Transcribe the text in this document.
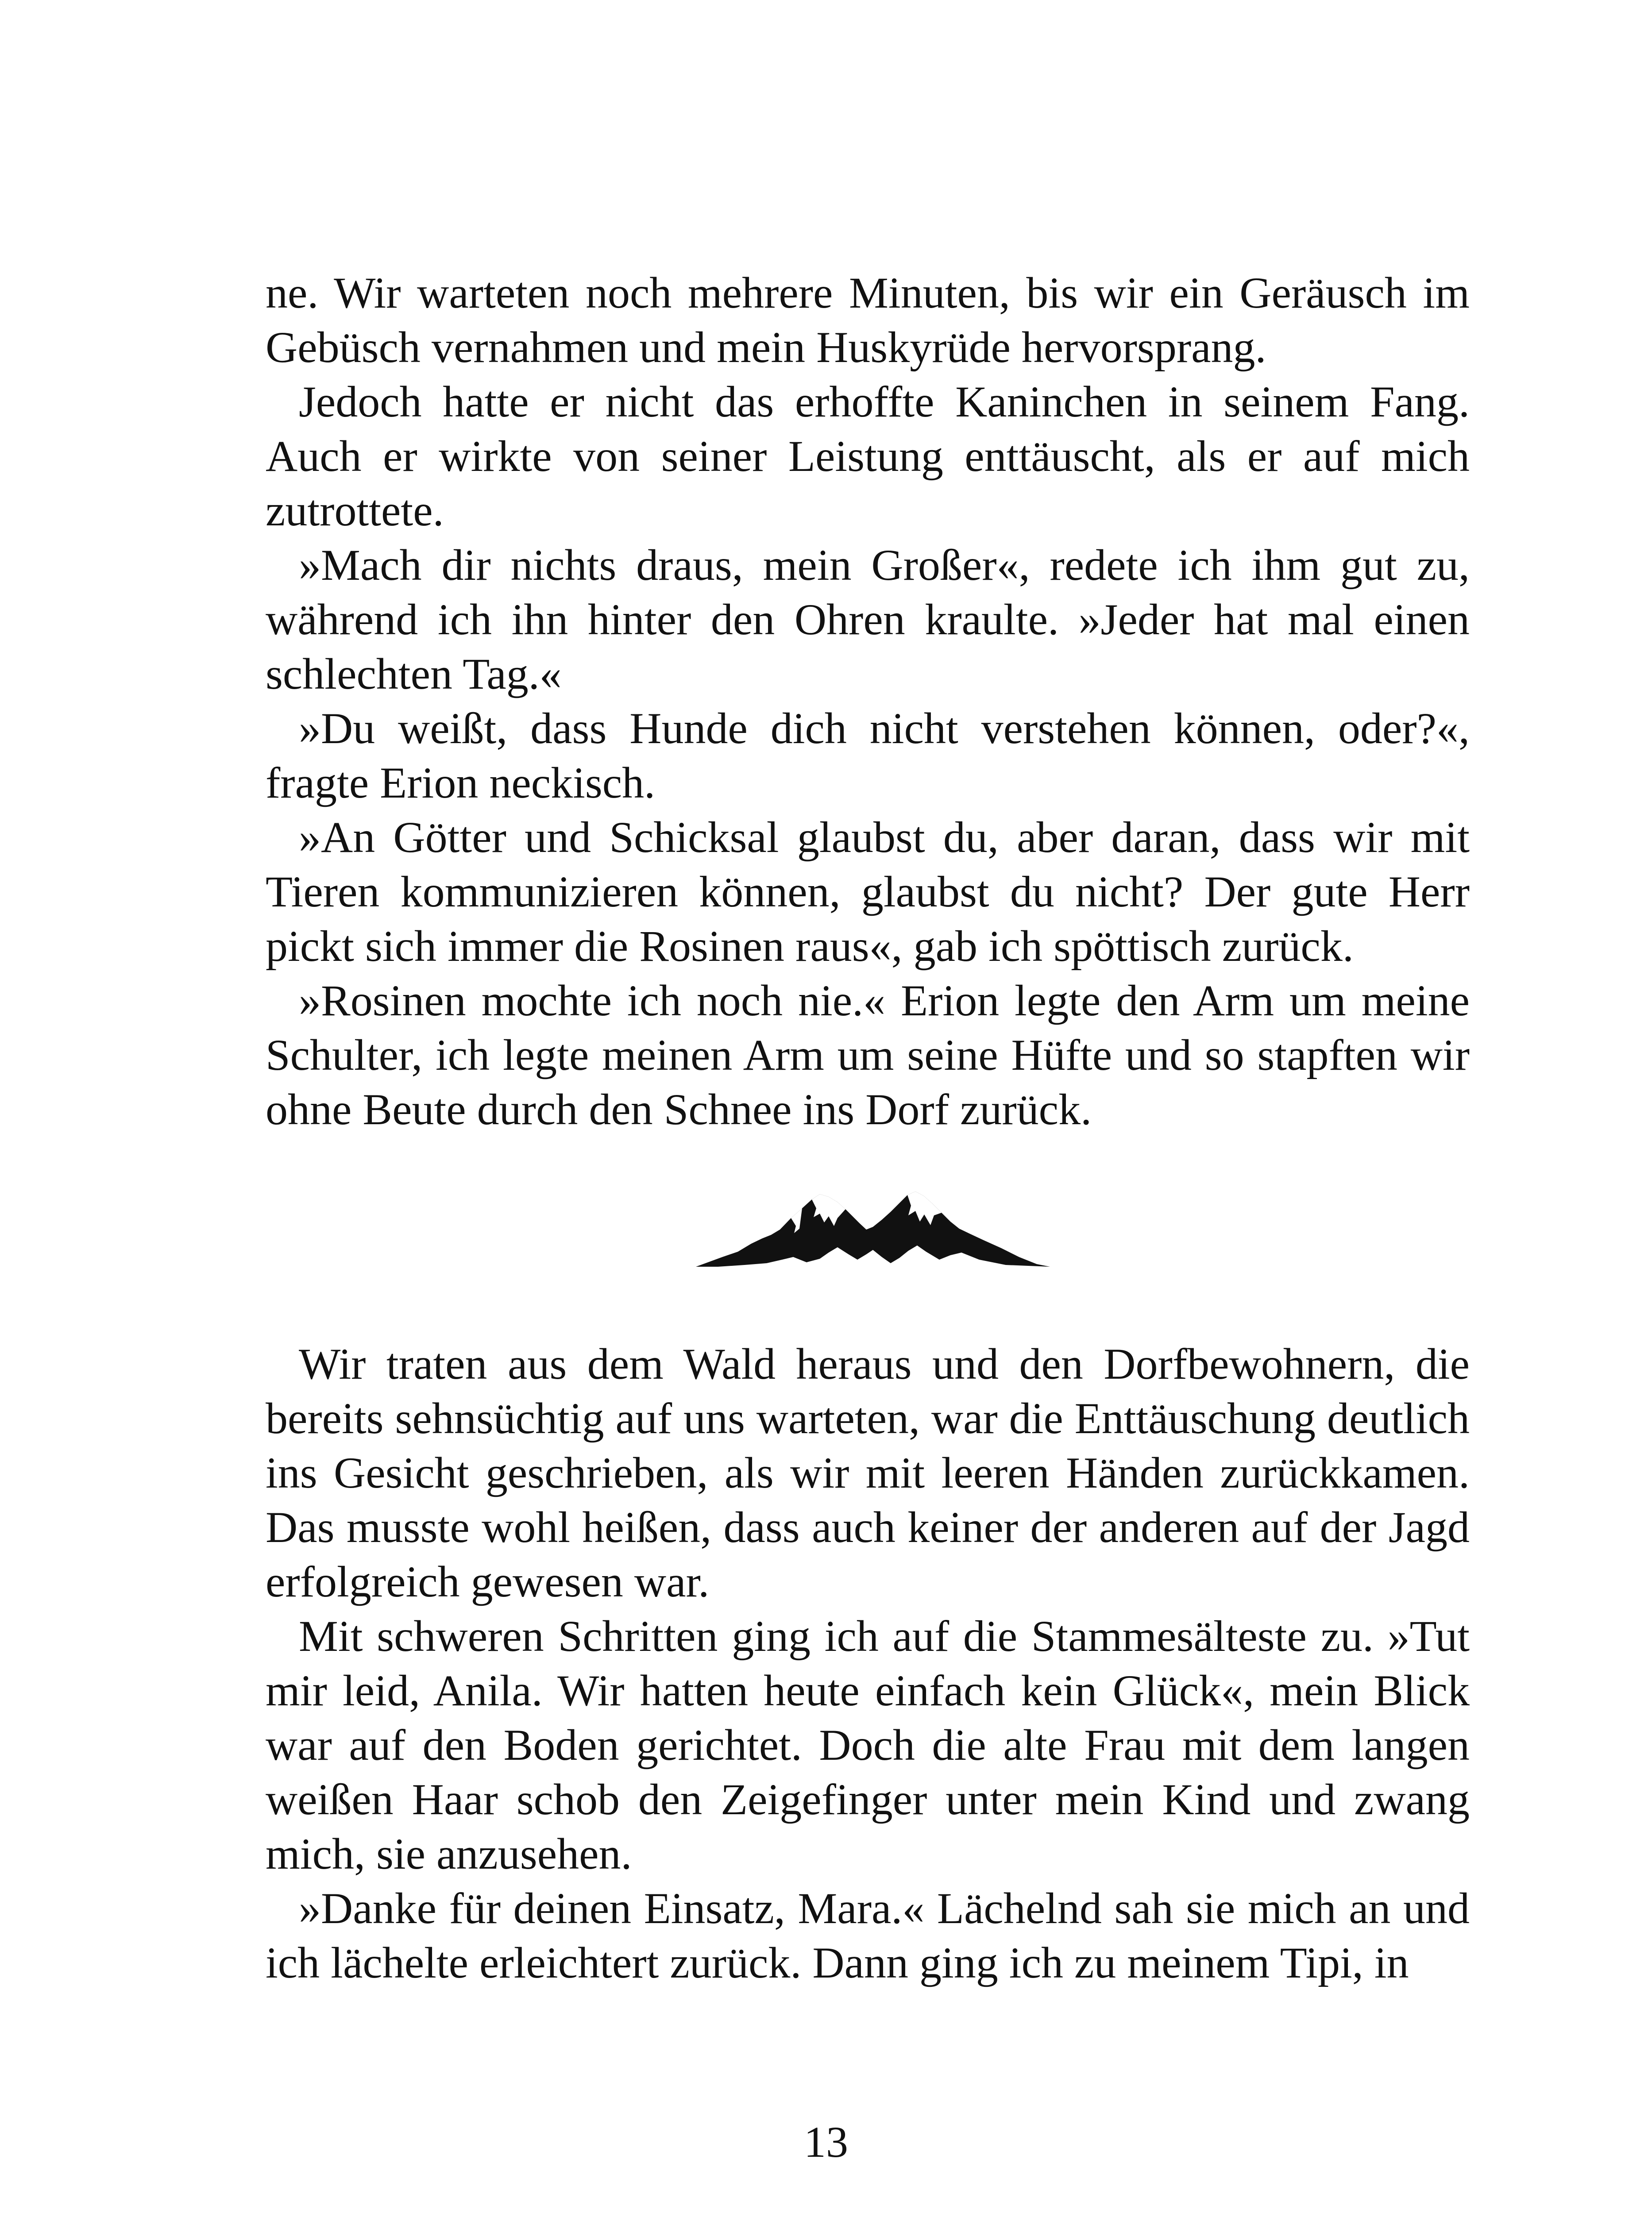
ne. Wir warteten noch mehrere Minuten, bis wir ein Geräusch im Gebüsch vernahmen und mein Huskyrüde hervorsprang.

Jedoch hatte er nicht das erhoffte Kaninchen in seinem Fang. Auch er wirkte von seiner Leistung enttäuscht, als er auf mich zutrottete.

»Mach dir nichts draus, mein Großer«, redete ich ihm gut zu, während ich ihn hinter den Ohren kraulte. »Jeder hat mal einen schlechten Tag.«

»Du weißt, dass Hunde dich nicht verstehen können, oder?«, fragte Erion neckisch.

»An Götter und Schicksal glaubst du, aber daran, dass wir mit Tieren kommunizieren können, glaubst du nicht? Der gute Herr pickt sich immer die Rosinen raus«, gab ich spöttisch zurück.

»Rosinen mochte ich noch nie.« Erion legte den Arm um meine Schulter, ich legte meinen Arm um seine Hüfte und so stapften wir ohne Beute durch den Schnee ins Dorf zurück.

Wir traten aus dem Wald heraus und den Dorfbewohnern, die bereits sehnsüchtig auf uns warteten, war die Enttäuschung deutlich ins Gesicht geschrieben, als wir mit leeren Händen zurückkamen. Das musste wohl heißen, dass auch keiner der anderen auf der Jagd erfolgreich gewesen war.

Mit schweren Schritten ging ich auf die Stammesälteste zu. »Tut mir leid, Anila. Wir hatten heute einfach kein Glück«, mein Blick war auf den Boden gerichtet. Doch die alte Frau mit dem langen weißen Haar schob den Zeigefinger unter mein Kind und zwang mich, sie anzusehen.

»Danke für deinen Einsatz, Mara.« Lächelnd sah sie mich an und ich lächelte erleichtert zurück. Dann ging ich zu meinem Tipi, in

13
